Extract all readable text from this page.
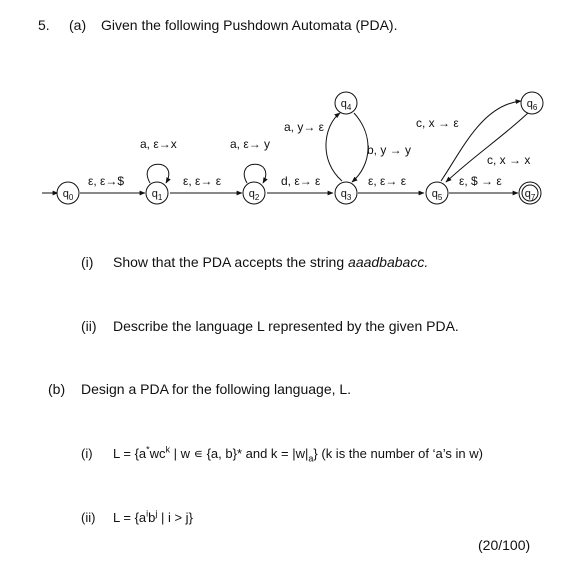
5. (a) Given the following Pushdown Automata (PDA).
$q_0$	$q_1$	$q_2$	$q_3$
$q_4$
$q_5$
$q_6$
$q_7$
ε, ε→$
a, ε→x
ε, ε→ ε
a, ε→ y
d, ε→ ε
a, y→ ε
b, y → y
ε, ε→ ε
c, x → ε
c, x → x
ε, $ → ε
(i) Show that the PDA accepts the string aaadbabacc.
(ii) Describe the language L represented by the given PDA.
(b) Design a PDA for the following language, L.
(i) $L = \{a^*wc^k$ | w ∊ {a, b}* and $k = |w|_a$} (k is the number of ‘a’s in w)
(ii) $L = \{a^ib^j$ | i > j}
(20/100)
